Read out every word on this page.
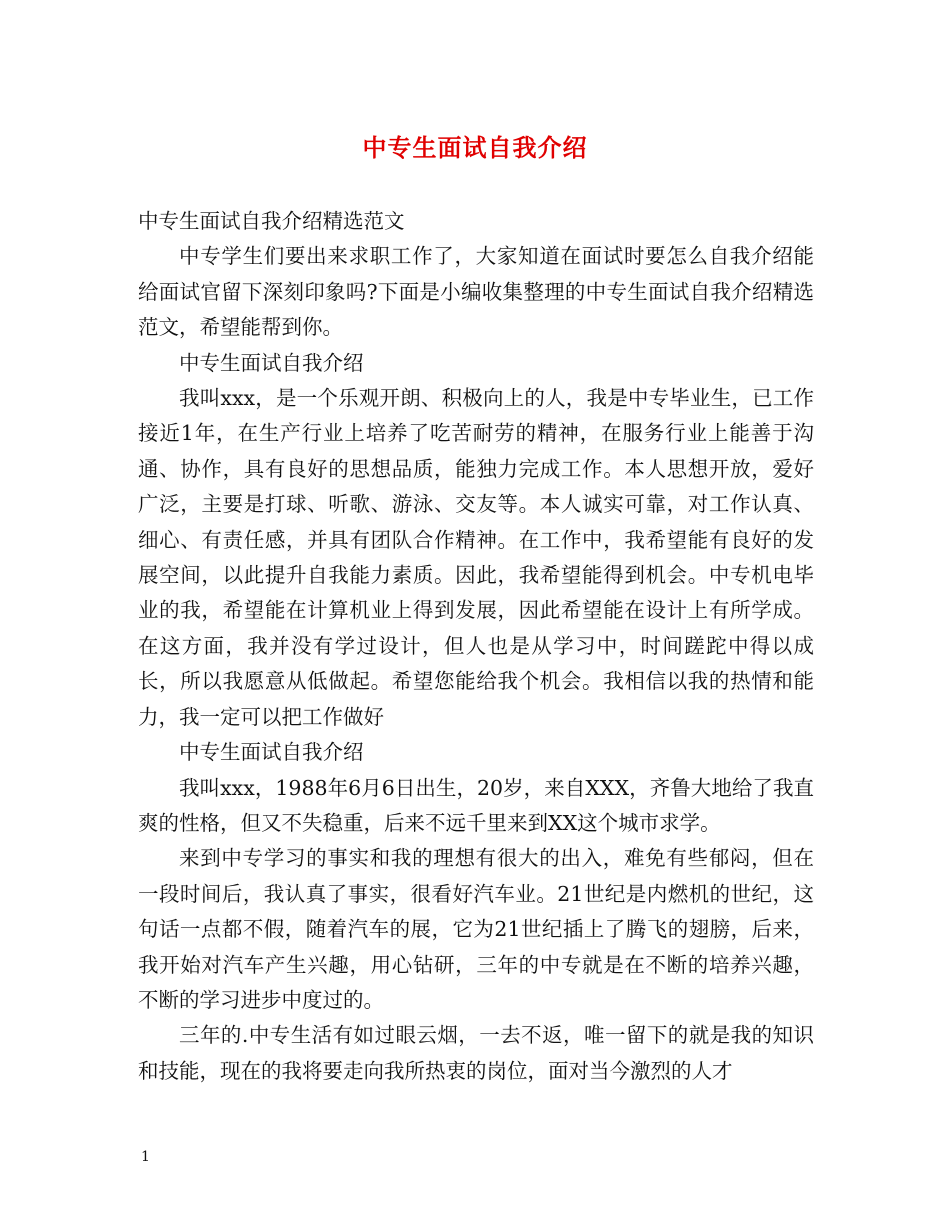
中专生面试自我介绍

中专生面试自我介绍精选范文

中专学生们要出来求职工作了，大家知道在面试时要怎么自我介绍能给面试官留下深刻印象吗?下面是小编收集整理的中专生面试自我介绍精选范文，希望能帮到你。

中专生面试自我介绍

我叫xxx，是一个乐观开朗、积极向上的人，我是中专毕业生，已工作接近1年，在生产行业上培养了吃苦耐劳的精神，在服务行业上能善于沟通、协作，具有良好的思想品质，能独力完成工作。本人思想开放，爱好广泛，主要是打球、听歌、游泳、交友等。本人诚实可靠，对工作认真、细心、有责任感，并具有团队合作精神。在工作中，我希望能有良好的发展空间，以此提升自我能力素质。因此，我希望能得到机会。中专机电毕业的我，希望能在计算机业上得到发展，因此希望能在设计上有所学成。在这方面，我并没有学过设计，但人也是从学习中，时间蹉跎中得以成长，所以我愿意从低做起。希望您能给我个机会。我相信以我的热情和能力，我一定可以把工作做好

中专生面试自我介绍

我叫xxx，1988年6月6日出生，20岁，来自XXX，齐鲁大地给了我直爽的性格，但又不失稳重，后来不远千里来到XX这个城市求学。

来到中专学习的事实和我的理想有很大的出入，难免有些郁闷，但在一段时间后，我认真了事实，很看好汽车业。21世纪是内燃机的世纪，这句话一点都不假，随着汽车的展，它为21世纪插上了腾飞的翅膀，后来，我开始对汽车产生兴趣，用心钻研，三年的中专就是在不断的培养兴趣，不断的学习进步中度过的。

三年的.中专生活有如过眼云烟，一去不返，唯一留下的就是我的知识和技能，现在的我将要走向我所热衷的岗位，面对当今激烈的人才

1
